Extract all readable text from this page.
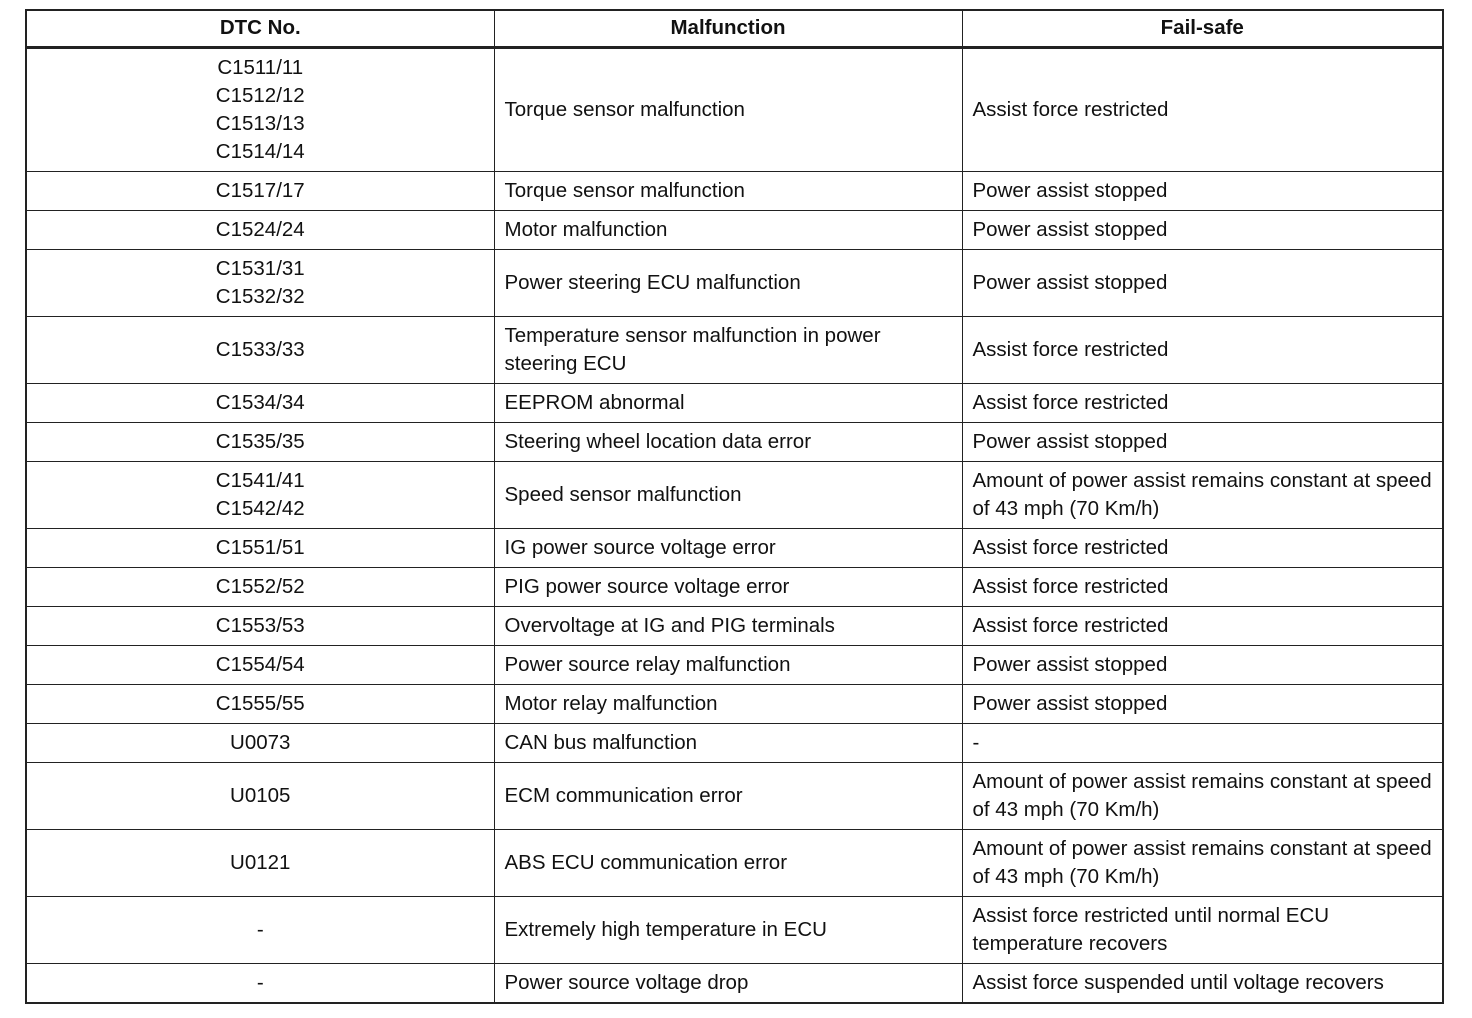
DTC No.	Malfunction	Fail-safe

C1511/11
C1512/12
C1513/13
C1514/14	Torque sensor malfunction	Assist force restricted

C1517/17	Torque sensor malfunction	Power assist stopped

C1524/24	Motor malfunction	Power assist stopped

C1531/31
C1532/32	Power steering ECU malfunction	Power assist stopped

C1533/33	Temperature sensor malfunction in power steering ECU	Assist force restricted

C1534/34	EEPROM abnormal	Assist force restricted

C1535/35	Steering wheel location data error	Power assist stopped

C1541/41
C1542/42	Speed sensor malfunction	Amount of power assist remains constant at speed of 43 mph (70 Km/h)

C1551/51	IG power source voltage error	Assist force restricted

C1552/52	PIG power source voltage error	Assist force restricted

C1553/53	Overvoltage at IG and PIG terminals	Assist force restricted

C1554/54	Power source relay malfunction	Power assist stopped

C1555/55	Motor relay malfunction	Power assist stopped

U0073	CAN bus malfunction	-

U0105	ECM communication error	Amount of power assist remains constant at speed of 43 mph (70 Km/h)

U0121	ABS ECU communication error	Amount of power assist remains constant at speed of 43 mph (70 Km/h)

-	Extremely high temperature in ECU	Assist force restricted until normal ECU temperature recovers

-	Power source voltage drop	Assist force suspended until voltage recovers
